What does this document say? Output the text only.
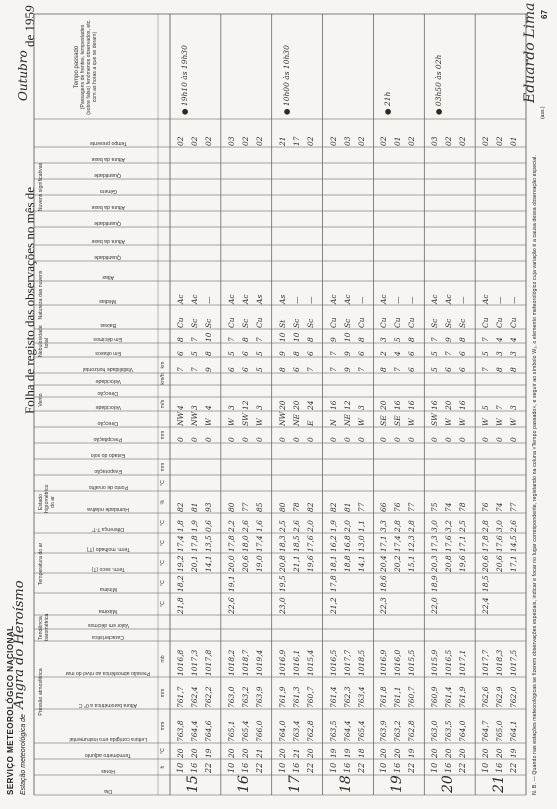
SERVIÇO METEOROLÓGICO NACIONAL Estação meteorológica de
Angra do Heroísmo
Folha de registo das observações no mês de
Outubro
de 1959
Dia
Horas
Termómetro adjunto
Leitura corrigida erro instrumental
Altura barométrica a 0° C
Pressão atmosférica ao nível do mar
Característica
Valor em décimos
Máxima
Mínima
Term. seco (T)
Term. molhado (T′)
Diferença T-T′
Humidade relativa
Ponto de orvalho
Evaporação
Estado do solo
Precipitação
Direcção
Velocidade
Direcção
Velocidade
Visibilidade horizontal
Em oitavos
Em décimos
Baixas
Médias
Altas
Quantidade
Altura da base
Quantidade
Altura da base
Género
Quantidade
Altura da base
Tempo presente
Temperatura do ar
Estado higrométrico do ar
Vento
Nebulosidade total
Natureza das nuvens
Nuvens significativas
Tendência barométrica
Pressão atmosférica
Tempo passado (Passagens de frentes, tempestades (sobre falso) fenómenos observados, etc. com as horas a que se deram)
h
°C
mm
mm
mb
°C
°C
°C
°C
°C
%
°C
mm
mm
km
m/s
km/h
15
10 16 22
20 20 19
763,8 764,4 764,6
761,7 762,4 762,2
1016,8 1017,3 1017,8
19,2 20,1 14,1
17,4 17,8 13,5
1,8 1,9 0,6
82 81 93
0 0 0
NW NW W
4 3 4
7 7 9
6 5 8
8 7 10
Cu Sc Sc
Ac Ac —
02 02 02
21,8
18,2
● 19h10 às 19h30
16
10 16 22
20 20 21
765,1 765,4 766,0
763,0 763,2 763,9
1018,2 1018,7 1019,4
20,0 20,6 19,0
17,8 18,0 17,4
2,2 2,6 1,6
80 77 85
0 0 0
W SW W
3 12 3
6 6 5
5 6 5
7 8 7
Cu Sc Cu
Ac Ac As
03 02 02
22,6
19,1
17
10 16 22
20 21 20
764,0 763,4 762,8
761,9 761,3 760,7
1016,9 1016,1 1015,4
20,8 21,1 19,6
18,3 18,5 17,6
2,5 2,6 2,0
80 78 82
0 0 0
NW NE E
20 20 24
8 6 7
9 8 6
10 10 8
St Sc Sc
As — —
21 17 02
23,0
19,5
● 10h00 às 10h30
18
10 16 22
19 19 18
763,5 764,4 765,4
761,4 762,3 763,4
1016,5 1017,7 1018,5
18,1 18,8 14,1
16,2 16,8 13,0
1,9 2,0 1,1
82 81 77
0 0 0
N NE W
16 12 3
7 9 7
7 9 6
9 10 8
Cu Sc Cu
Ac Ac —
02 03 02
21,2
17,8
19
10 16 22
20 20 19
763,9 763,2 762,8
761,8 761,1 760,7
1016,9 1016,0 1015,5
20,4 20,2 15,1
17,1 17,4 12,3
3,3 2,8 2,8
66 76 77
0 0 0
SE SE W
20 16 16
8 7 6
2 4 6
3 5 8
Cu Cu Cu
Ac — —
02 01 02
22,3
18,6
● 21h
20
10 16 22
20 20 20
763,0 763,5 764,0
760,9 761,4 761,9
1015,9 1016,5 1017,1
20,3 20,8 19,6
17,3 17,6 17,1
3,0 3,2 2,5
75 74 78
0 0 0
SW W W
16 20 16
5 6 6
5 7 6
7 9 8
Sc Sc Sc
Ac Ac —
03 02 02
22,0
18,9
● 03h50 às 02h
21
10 16 22
20 20 19
764,7 765,0 764,1
762,6 762,9 762,0
1017,7 1018,3 1017,5
20,6 20,6 17,1
17,8 17,6 14,5
2,8 3,0 2,6
76 74 77
0 0 0
W W W
5 7 3
7 8 8
5 3 3
7 4 4
Cu Cu Cu
Ac — —
02 02 01
22,4
18,5	N. B. — Quando nas estações meteorológicas se fizerem observações especiais, indicar e focar no lugar correspondente, registando na coluna «Tempo passado», e seguir ao símbolo W₂, o elemento meteorológico cuja variação é a causa dessa observação especial.
(ass.)
Eduardo Lima 67
